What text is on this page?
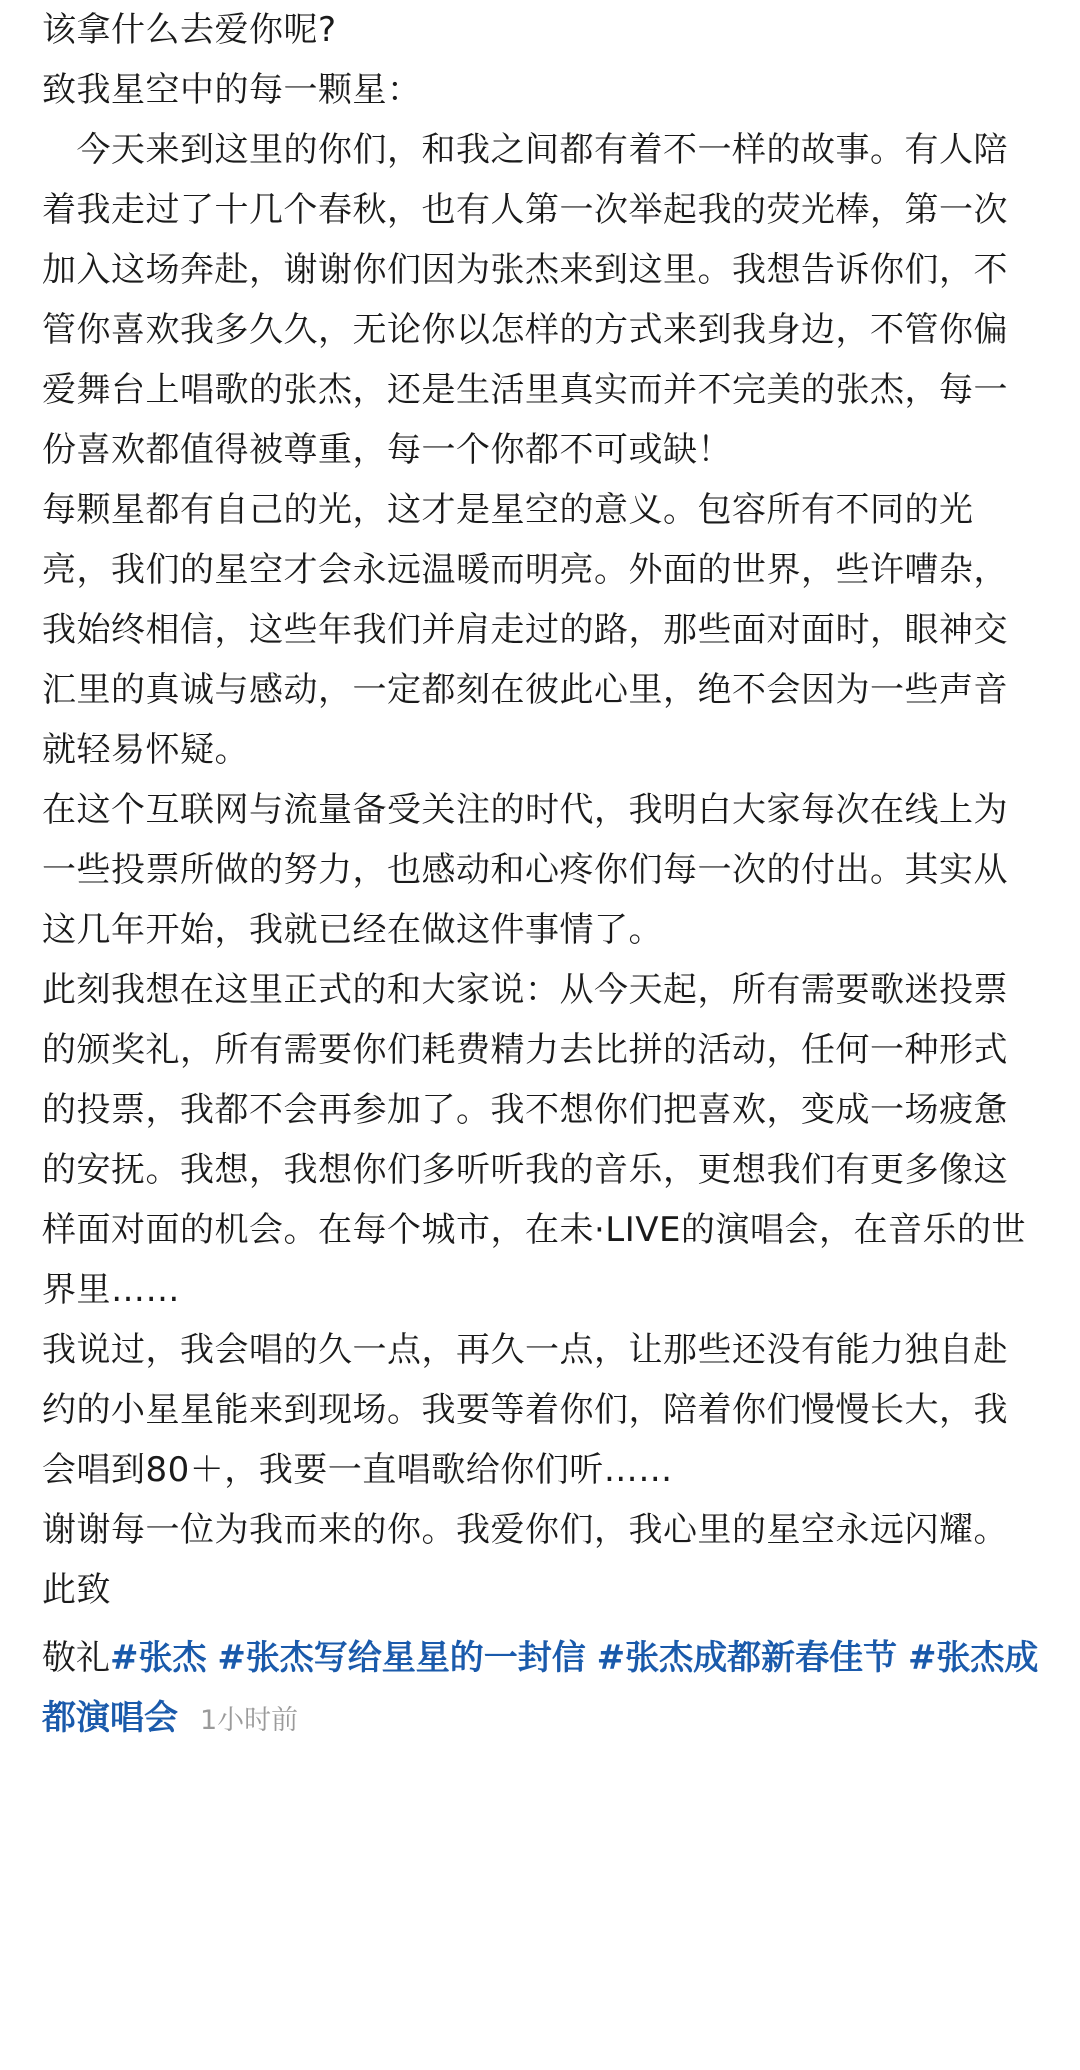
该拿什么去爱你呢?

致我星空中的每一颗星：

　今天来到这里的你们，和我之间都有着不一样的故事。有人陪着我走过了十几个春秋，也有人第一次举起我的荧光棒，第一次加入这场奔赴，谢谢你们因为张杰来到这里。我想告诉你们，不管你喜欢我多久久，无论你以怎样的方式来到我身边，不管你偏爱舞台上唱歌的张杰，还是生活里真实而并不完美的张杰，每一份喜欢都值得被尊重，每一个你都不可或缺！

每颗星都有自己的光，这才是星空的意义。包容所有不同的光亮，我们的星空才会永远温暖而明亮。外面的世界，些许嘈杂，我始终相信，这些年我们并肩走过的路，那些面对面时，眼神交汇里的真诚与感动，一定都刻在彼此心里，绝不会因为一些声音就轻易怀疑。

在这个互联网与流量备受关注的时代，我明白大家每次在线上为一些投票所做的努力，也感动和心疼你们每一次的付出。其实从这几年开始，我就已经在做这件事情了。

此刻我想在这里正式的和大家说：从今天起，所有需要歌迷投票的颁奖礼，所有需要你们耗费精力去比拼的活动，任何一种形式的投票，我都不会再参加了。我不想你们把喜欢，变成一场疲惫的安抚。我想，我想你们多听听我的音乐，更想我们有更多像这样面对面的机会。在每个城市，在未·LIVE的演唱会，在音乐的世界里……

我说过，我会唱的久一点，再久一点，让那些还没有能力独自赴约的小星星能来到现场。我要等着你们，陪着你们慢慢长大，我会唱到80＋，我要一直唱歌给你们听……

谢谢每一位为我而来的你。我爱你们，我心里的星空永远闪耀。

此致

敬礼#张杰 #张杰写给星星的一封信 #张杰成都新春佳节 #张杰成都演唱会 1小时前
